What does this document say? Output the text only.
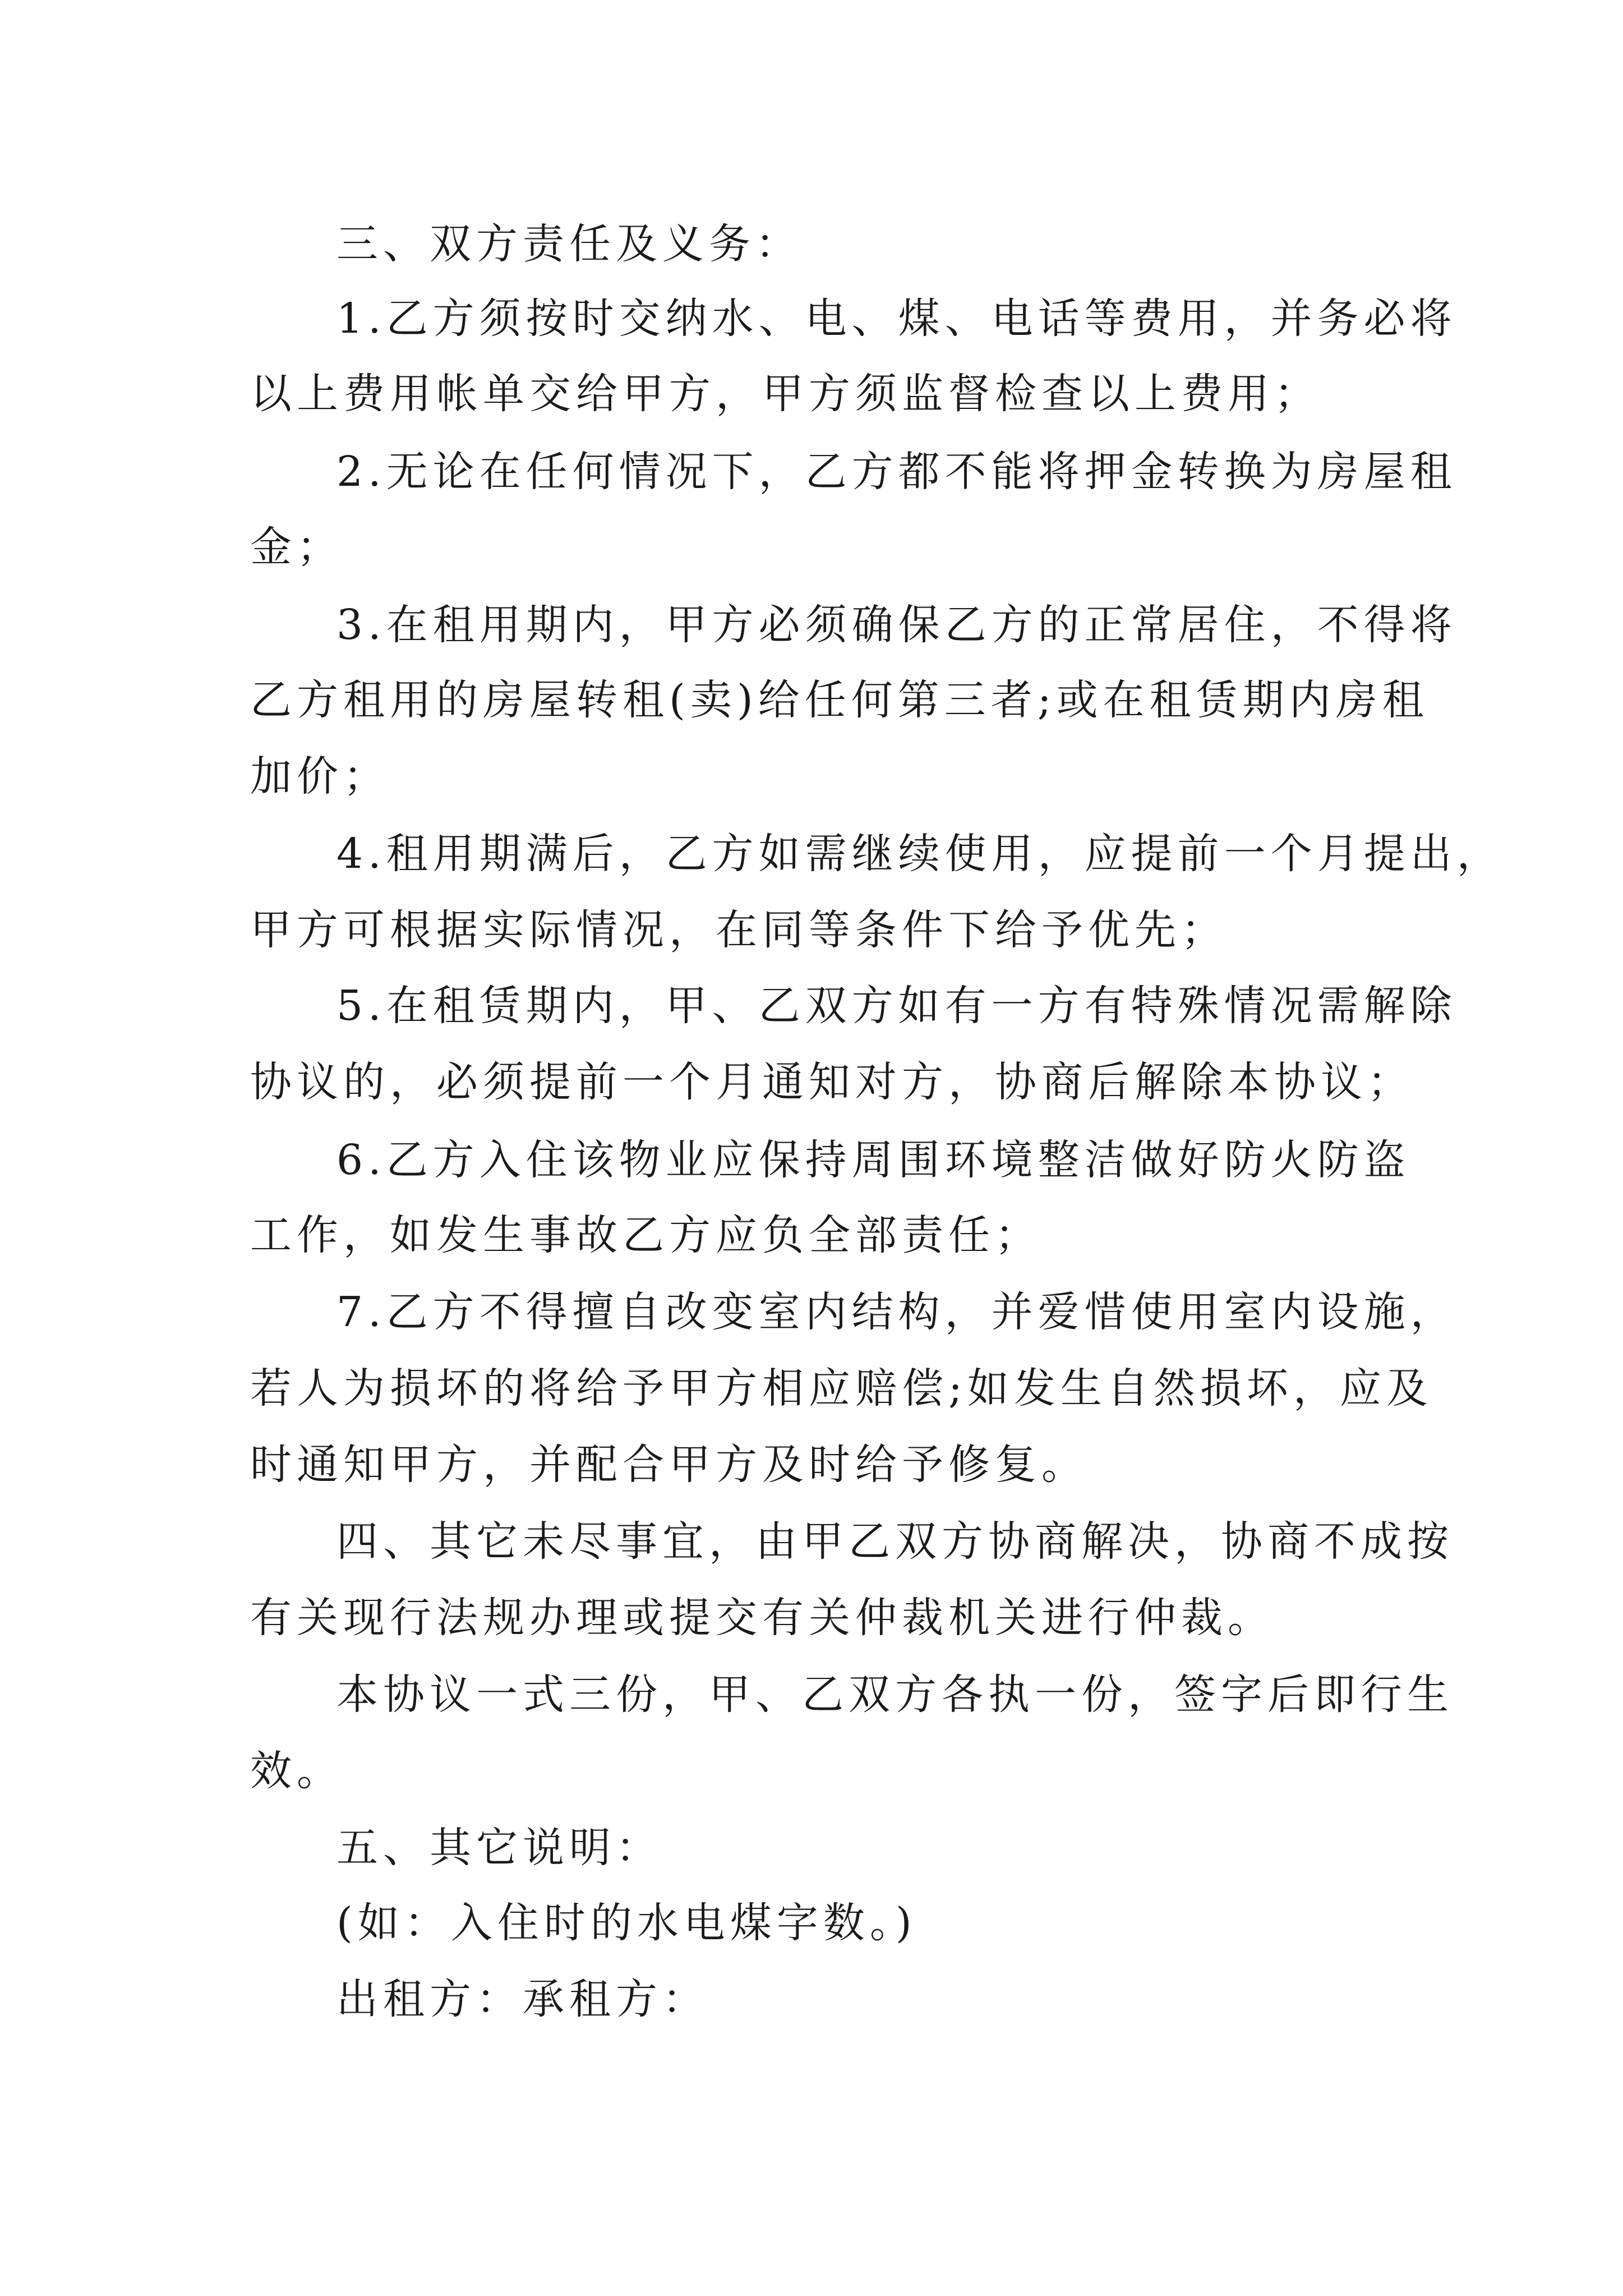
三、双方责任及义务：
1.乙方须按时交纳水、电、煤、电话等费用，并务必将
以上费用帐单交给甲方，甲方须监督检查以上费用；
2.无论在任何情况下，乙方都不能将押金转换为房屋租
金；
3.在租用期内，甲方必须确保乙方的正常居住，不得将
乙方租用的房屋转租(卖)给任何第三者;或在租赁期内房租
加价；
4.租用期满后，乙方如需继续使用，应提前一个月提出，
甲方可根据实际情况，在同等条件下给予优先；
5.在租赁期内，甲、乙双方如有一方有特殊情况需解除
协议的，必须提前一个月通知对方，协商后解除本协议；
6.乙方入住该物业应保持周围环境整洁做好防火防盗
工作，如发生事故乙方应负全部责任；
7.乙方不得擅自改变室内结构，并爱惜使用室内设施，
若人为损坏的将给予甲方相应赔偿;如发生自然损坏，应及
时通知甲方，并配合甲方及时给予修复。
四、其它未尽事宜，由甲乙双方协商解决，协商不成按
有关现行法规办理或提交有关仲裁机关进行仲裁。
本协议一式三份，甲、乙双方各执一份，签字后即行生
效。
五、其它说明：
(如：入住时的水电煤字数。)
出租方：承租方：
